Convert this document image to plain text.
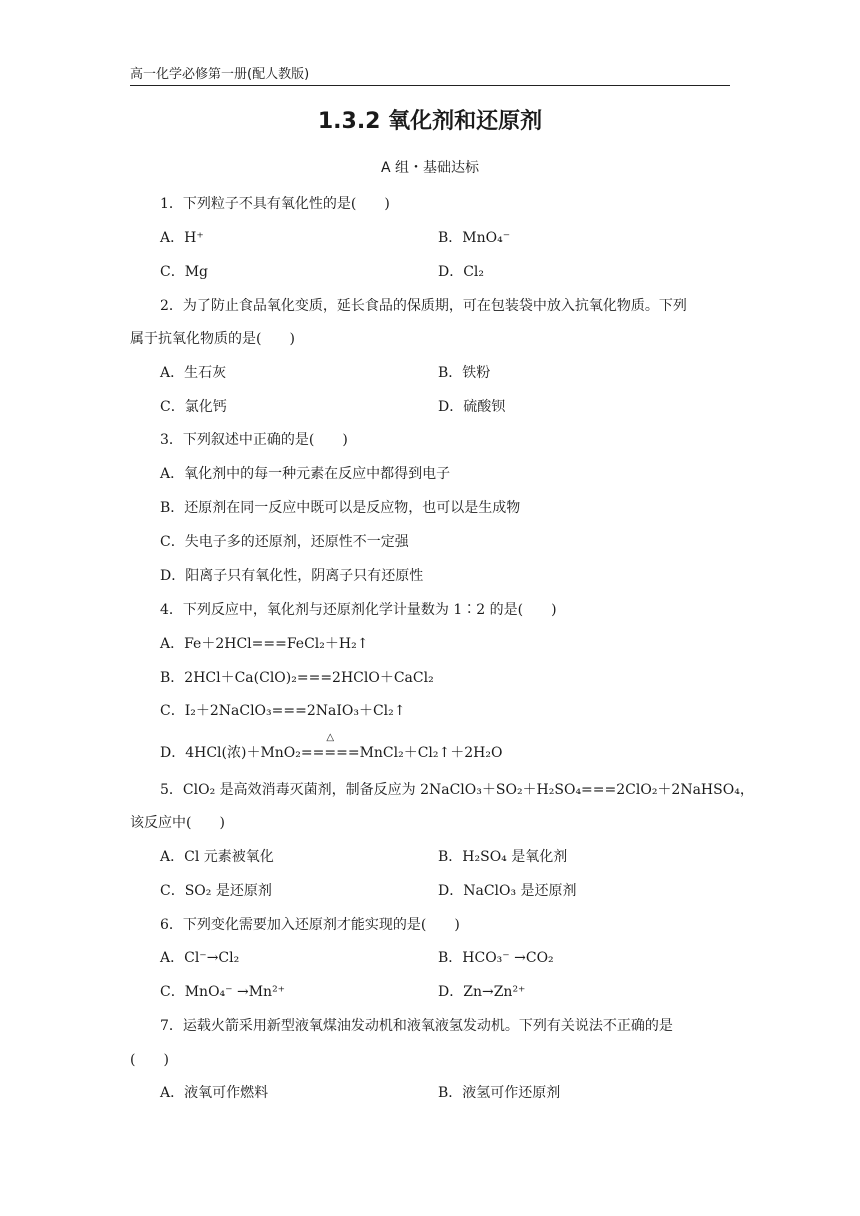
高一化学必修第一册(配人教版)
1.3.2 氧化剂和还原剂
A 组・基础达标
1．下列粒子不具有氧化性的是(　　)
A．H⁺	B．MnO₄⁻
C．Mg	D．Cl₂
2．为了防止食品氧化变质，延长食品的保质期，可在包装袋中放入抗氧化物质。下列
属于抗氧化物质的是(　　)
A．生石灰	B．铁粉
C．氯化钙	D．硫酸钡
3．下列叙述中正确的是(　　)
A．氧化剂中的每一种元素在反应中都得到电子
B．还原剂在同一反应中既可以是反应物，也可以是生成物
C．失电子多的还原剂，还原性不一定强
D．阳离子只有氧化性，阴离子只有还原性
4．下列反应中，氧化剂与还原剂化学计量数为 1∶2 的是(　　)
A．Fe＋2HCl===FeCl₂＋H₂↑
B．2HCl＋Ca(ClO)₂===2HClO＋CaCl₂
C．I₂＋2NaClO₃===2NaIO₃＋Cl₂↑
D．4HCl(浓)＋MnO₂
△
=====MnCl₂＋Cl₂↑＋2H₂O
5．ClO₂ 是高效消毒灭菌剂，制备反应为 2NaClO₃＋SO₂＋H₂SO₄===2ClO₂＋2NaHSO₄，
该反应中(　　)
A．Cl 元素被氧化	B．H₂SO₄ 是氧化剂
C．SO₂ 是还原剂	D．NaClO₃ 是还原剂
6．下列变化需要加入还原剂才能实现的是(　　)
A．Cl⁻→Cl₂	B．HCO₃⁻ →CO₂
C．MnO₄⁻ →Mn²⁺	D．Zn→Zn²⁺
7．运载火箭采用新型液氧煤油发动机和液氧液氢发动机。下列有关说法不正确的是
(　　)
A．液氧可作燃料	B．液氢可作还原剂
